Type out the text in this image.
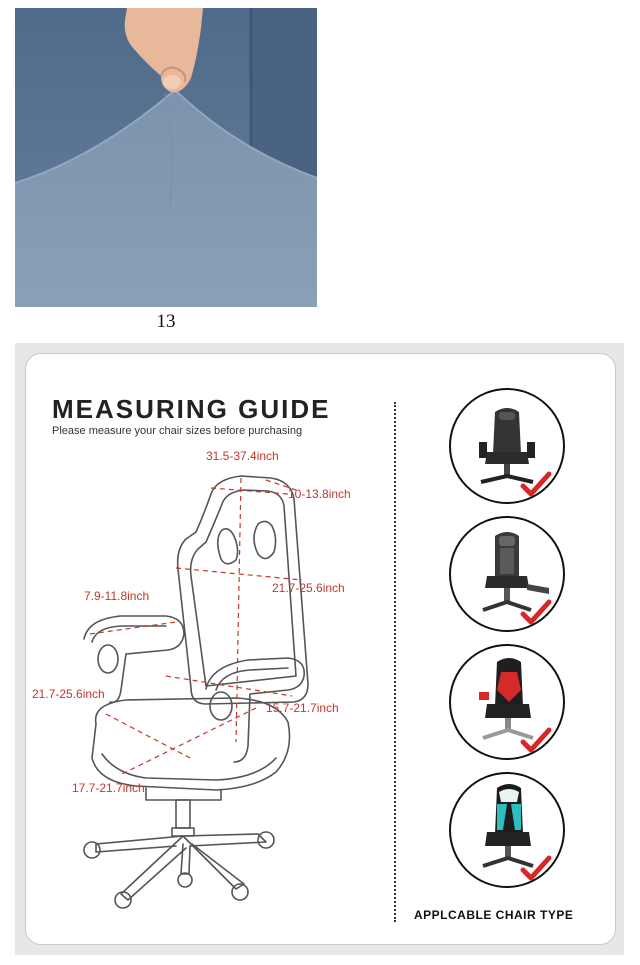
13
31.5-37.4inch
10-13.8inch
21.7-25.6inch
7.9-11.8inch
21.7-25.6inch
15.7-21.7inch
17.7-21.7inch
MEASURING GUIDE
Please measure your chair sizes before purchasing
APPLCABLE CHAIR TYPE
